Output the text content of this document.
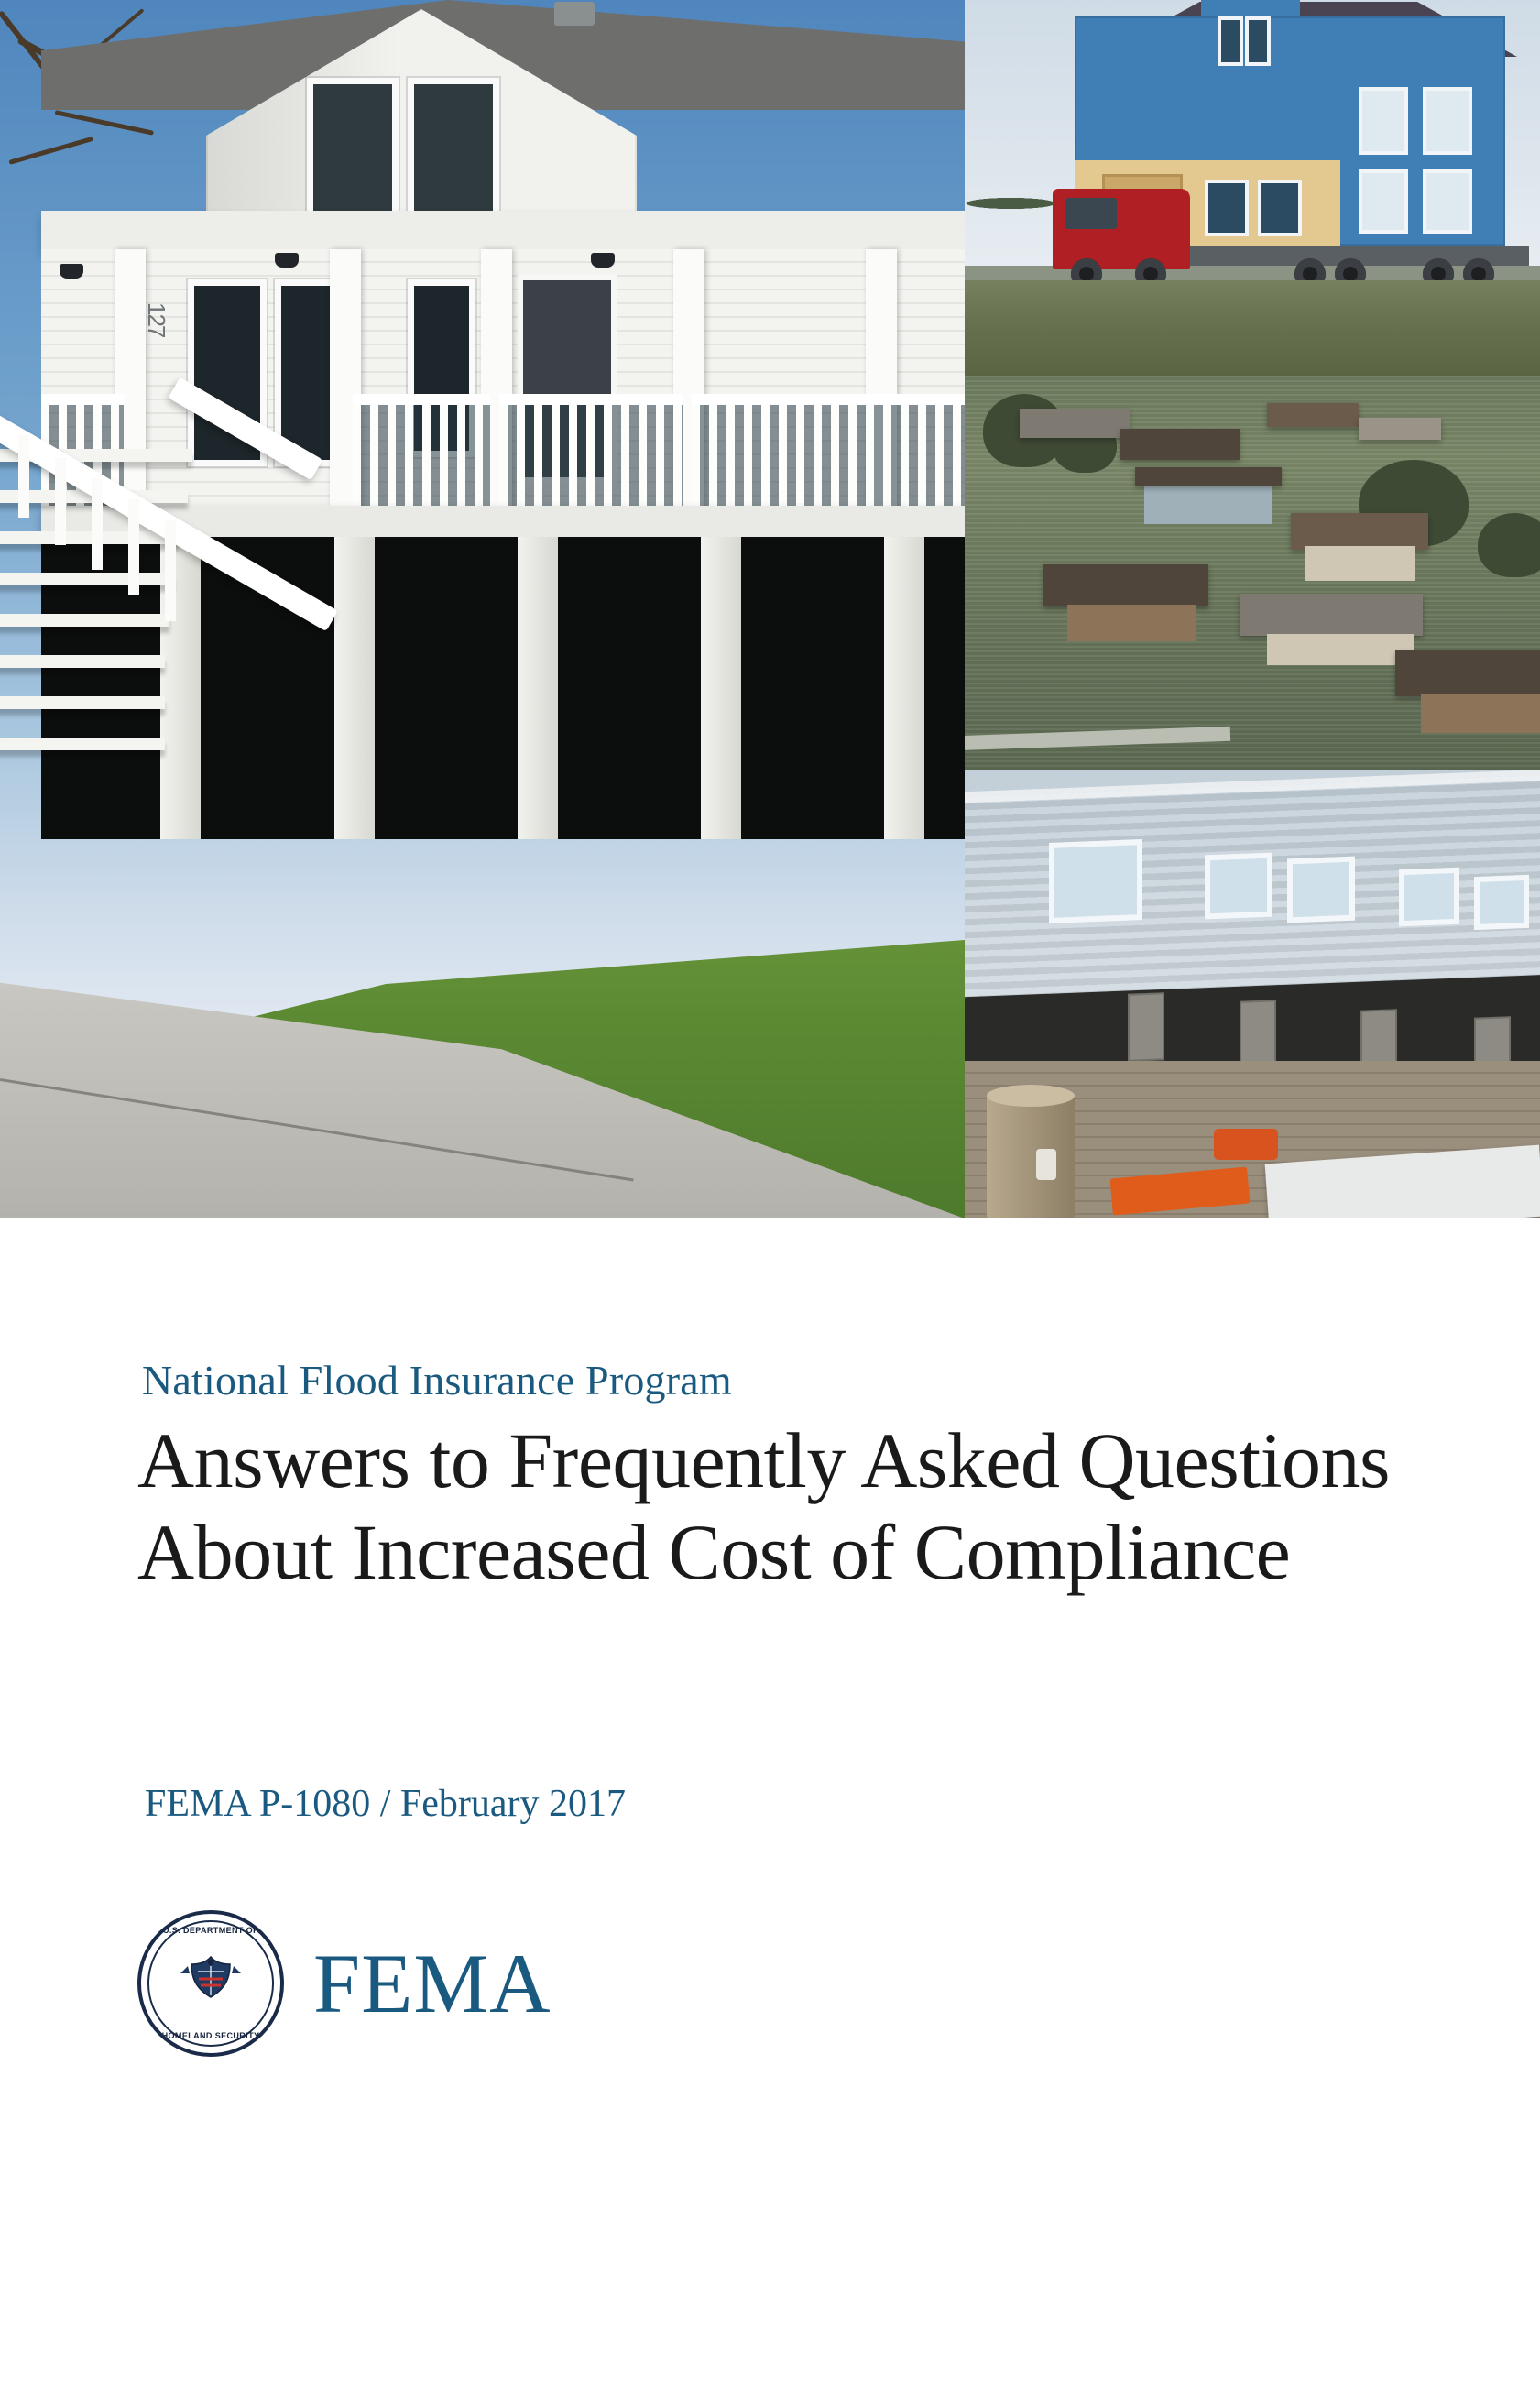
127
National Flood Insurance Program
Answers to Frequently Asked Questions About Increased Cost of Compliance
FEMA P-1080 / February 2017
U.S. DEPARTMENT OF
HOMELAND SECURITY
FEMA
